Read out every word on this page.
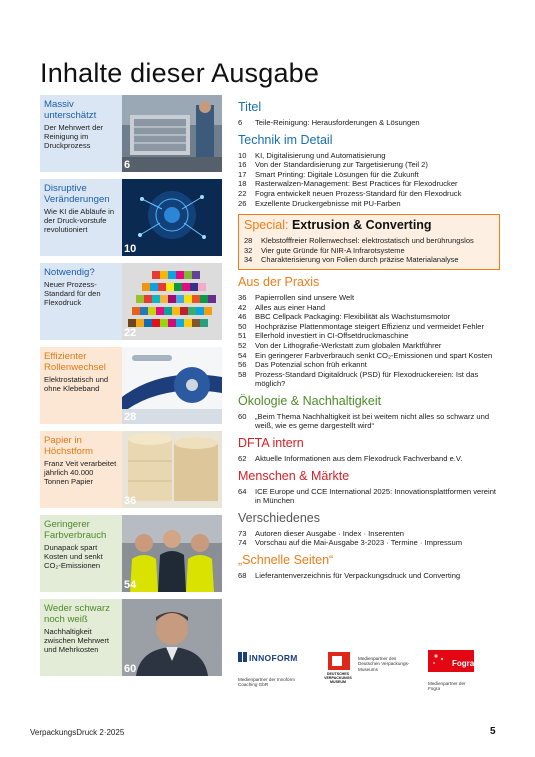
Inhalte dieser Ausgabe
Massiv unterschätzt
Der Mehrwert der Reinigung im Druckprozess
6
Disruptive Veränderungen
Wie KI die Abläufe in der Druck-vorstufe revolutioniert
10
Notwendig?
Neuer Prozess-Standard für den Flexodruck
22
Effizienter Rollenwechsel
Elektrostatisch und ohne Klebeband
28
Papier in Höchstform
Franz Veit verarbeitet jährlich 40.000 Tonnen Papier
36
Geringerer Farbverbrauch
Dunapack spart Kosten und senkt CO₂-Emissionen
54
Weder schwarz noch weiß
Nachhaltigkeit zwischen Mehrwert und Mehrkosten
60
Titel
6	Teile-Reinigung: Herausforderungen & Lösungen
Technik im Detail
10	KI, Digitalisierung und Automatisierung
16	Von der Standardisierung zur Targetisierung (Teil 2)
17	Smart Printing: Digitale Lösungen für die Zukunft
18	Rasterwalzen-Management: Best Practices für Flexodrucker
22	Fogra entwickelt neuen Prozess-Standard für den Flexodruck
26	Exzellente Druckergebnisse mit PU-Farben
Special: Extrusion & Converting
28	Klebstofffreier Rollenwechsel: elektrostatisch und berührungslos
32	Vier gute Gründe für NIR-A Infrarotsysteme
34	Charakterisierung von Folien durch präzise Materialanalyse
Aus der Praxis
36	Papierrollen sind unsere Welt
42	Alles aus einer Hand
46	BBC Cellpack Packaging: Flexibilität als Wachstumsmotor
50	Hochpräzise Plattenmontage steigert Effizienz und vermeidet Fehler
51	Ellerhold investiert in CI-Offsetdruckmaschine
52	Von der Lithografie-Werkstatt zum globalen Marktführer
54	Ein geringerer Farbverbrauch senkt CO₂-Emissionen und spart Kosten
56	Das Potenzial schon früh erkannt
58	Prozess-Standard Digitaldruck (PSD) für Flexodruckereien: Ist das möglich?
Ökologie & Nachhaltigkeit
60	„Beim Thema Nachhaltigkeit ist bei weitem nicht alles so schwarz und weiß, wie es gerne dargestellt wird“
DFTA intern
62	Aktuelle Informationen aus dem Flexodruck Fachverband e.V.
Menschen & Märkte
64	ICE Europe und CCE International 2025: Innovationsplattformen vereint in München
Verschiedenes
73	Autoren dieser Ausgabe · Index · Inserenten
74	Vorschau auf die Mai-Ausgabe 3-2023 · Termine · Impressum
„Schnelle Seiten“
68	Lieferantenverzeichnis für Verpackungsdruck und Converting
INNOFORM
Medienpartner der Innoform Coaching GbR
DEUTSCHES
VERPACKUNGS
MUSEUM
Medienpartner des Deutschen Verpackungs-Museums
Fogra
Medienpartner der Fogra
VerpackungsDruck 2·2025	5
